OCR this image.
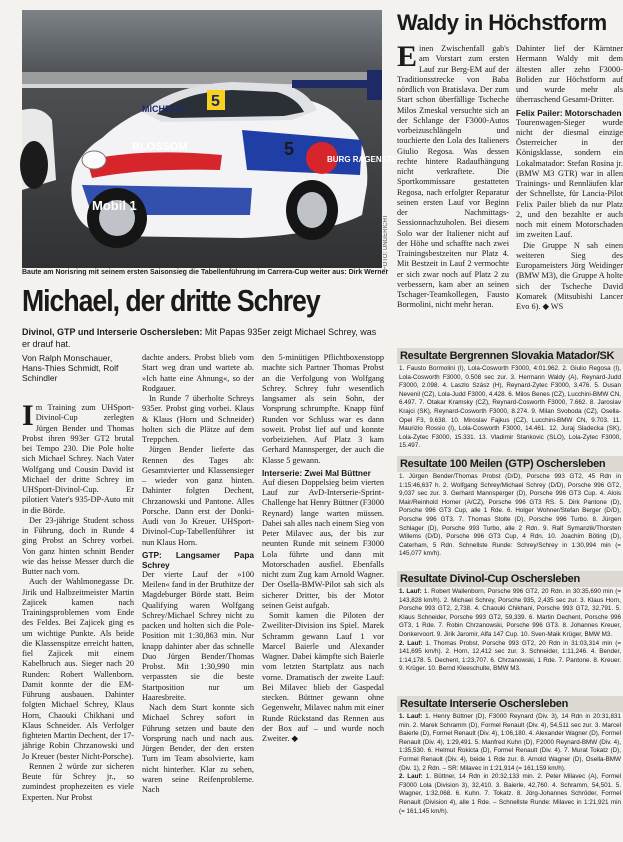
MICHELIN
BLOSSOM
Mobil 1
BURG RAGENSTE
5
5
FOTO: UNGERICHT
Baute am Norisring mit seinem ersten Saisonsieg die Tabellenführung im Carrera-Cup weiter aus: Dirk Werner
Michael, der dritte Schrey
Divinol, GTP und Interserie Oschersleben: Mit Papas 935er zeigt Michael Schrey, was er drauf hat.
Von Ralph Monschauer, Hans-Thies Schmidt, Rolf Schindler

Im Training zum UHSport-Divinol-Cup zerlegten Jürgen Bender und Thomas Probst ihren 993er GT2 brutal bei Tempo 230. Die Pole holte sich Michael Schrey. Nach Vater Wolfgang und Cousin David ist Michael der dritte Schrey im UHSport-Divinol-Cup. Er pilotiert Vater's 935-DP-Auto mit in die Börde.

Der 23-jährige Student schoss in Führung, doch in Runde 4 ging Probst an Schrey vorbei. Von ganz hinten schnitt Bender wie das heisse Messer durch die Butter nach vorn.

Auch der Wahlmonegasse Dr. Jirik und Halbzeitmeister Martin Zajicek kamen nach Trainingsproblemen vom Ende des Feldes. Bei Zajicek ging es um wichtige Punkte. Als beide die Klassenspitze erreicht hatten, fiel Zajicek mit einem Kabelbruch aus. Sieger nach 20 Runden: Robert Wallenborn. Damit konnte der die EM-Führung ausbauen. Dahinter folgten Michael Schrey, Klaus Horn, Chaouki Chikhani und Klaus Schneider. Als Verfolger fighteten Martin Dechent, der 17-jährige Robin Chrzanowski und Jo Kreuer (bester Nicht-Porsche).

Rennen 2 würde zur sicheren Beute für Schrey jr., so zumindest prophezeiten es viele Experten. Nur Probst

dachte anders. Probst blieb vom Start weg dran und wartete ab. »Ich hatte eine Ahnung«, so der Rodgauer.

In Runde 7 überholte Schreys 935er. Probst ging vorbei. Klaus & Klaus (Horn und Schneider) holten sich die Plätze auf dem Treppchen.

Jürgen Bender lieferte das Rennen des Tages ab: Gesamtvierter und Klassensieger – wieder von ganz hinten. Dahinter folgten Dechent, Chrzanowski und Pantone. Alles Porsche. Dann erst der Donki-Audi von Jo Kreuer. UHSport-Divinol-Cup-Tabellenführer ist nun Klaus Horn.

GTP: Langsamer Papa Schrey

Der vierte Lauf der »100 Meilen« fand in der Bruthitze der Magdeburger Börde statt. Beim Qualifying waren Wolfgang Schrey/Michael Schrey nicht zu packen und holten sich die Pole-Position mit 1:30,863 min. Nur knapp dahinter aber das schnelle Duo Jürgen Bender/Thomas Probst. Mit 1:30,990 min verpassten sie die beste Startposition nur um Haaresbreite.

Nach dem Start konnte sich Michael Schrey sofort in Führung setzen und baute den Vorsprung nach und nach aus. Jürgen Bender, der den ersten Turn im Team absolvierte, kam nicht hinterher. Klar zu sehen, waren seine Reifenprobleme. Nach

den 5-minütigen Pflichtboxenstopp machte sich Partner Thomas Probst an die Verfolgung von Wolfgang Schrey. Schrey fuhr wesentlich langsamer als sein Sohn, der Vorsprung schrumpfte. Knapp fünf Runden vor Schluss war es dann soweit. Probst lief auf und konnte vorbeiziehen. Auf Platz 3 kam Gerhard Mannsperger, der auch die Klasse 5 gewann.

Interserie: Zwei Mal Büttner

Auf diesen Doppelsieg beim vierten Lauf zur AvD-Interserie-Sprint-Challenge hat Henry Büttner (F3000 Reynard) lange warten müssen. Dabei sah alles nach einem Sieg von Peter Milavec aus, der bis zur neunten Runde mit seinem F3000 Lola führte und dann mit Motorschaden ausfiel. Ebenfalls nicht zum Zug kam Arnold Wagner. Der Osella-BMW-Pilot sah sich als sicherer Dritter, bis der Motor seinen Geist aufgab.

Somit kamen die Piloten der Zweiliter-Division ins Spiel. Marek Schramm gewann Lauf 1 vor Marcel Baierle und Alexander Wagner. Dabei kämpfte sich Baierle vom letzten Startplatz aus nach vorne. Dramatisch der zweite Lauf: Bei Milavec blieb der Gaspedal stecken. Büttner gewann ohne Gegenwehr, Milavec nahm mit einer Runde Rückstand das Rennen aus der Box auf – und wurde noch Zweiter. ◆

Waldy in Höchstform

Einen Zwischenfall gab's am Vorstart zum ersten Lauf zur Berg-EM auf der Traditionsstrecke von Baba nördlich von Bratislava. Der zum Start schon überfällige Tscheche Milos Zmeskal versuchte sich an der Schlange der F3000-Autos vorbeizuschlängeln und touchierte den Lola des Italieners Giulio Regosa. Was dessen rechte hintere Radaufhängung nicht verkraftete. Die Sportkommissare gestatteten Regosa, nach erfolgter Reparatur seinen ersten Lauf vor Beginn der Nachmittags-Sessionnachzuholen. Bei diesem Solo war der Italiener nicht auf der Höhe und schaffte nach zwei Trainingsbestzeiten nur Platz 4. Mit Bestzeit in Lauf 2 vermochte er sich zwar noch auf Platz 2 zu verbessern, kam aber an seinen Tschager-Teamkollegen, Fausto Bormolini, nicht mehr heran.

Dahinter lief der Kärntner Hermann Waldy mit dem ältesten aller zehn F3000-Boliden zur Höchstform auf und wurde mehr als überraschend Gesamt-Dritter.

Felix Pailer: Motorschaden

Tourenwagen-Sieger wurde nicht der diesmal einzige Österreicher in der Königsklasse, sondern ein Lokalmatador: Stefan Rosina jr. (BMW M3 GTR) war in allen Trainings- und Rennläufen klar der Schnellste, für Lancia-Pilot Felix Pailer blieb da nur Platz 2, und den bezahlte er auch noch mit einem Motorschaden im zweiten Lauf.

Die Gruppe N sah einen weiteren Sieg des Europameisters Jörg Weidinger (BMW M3), die Gruppe A holte sich der Tscheche David Komarek (Mitsubishi Lancer Evo 6). ◆ WS

Resultate Bergrennen Slovakia Matador/SK
1. Fausto Bormolini (I), Lola-Cosworth F3000, 4:01.962. 2. Giulio Regosa (I), Lola-Cosworth F3000, 0.508 sec zur. 3. Hermann Waldy (A), Reynard-Judd F3000, 2.098. 4. Laszlo Szász (H), Reynard-Zytec F3000, 3.476. 5. Dusan Nevenil (CZ), Lola-Judd F3000, 4.428. 6. Milos Benes (CZ), Lucchini-BMW CN, 6.497. 7. Otakar Kramsky (CZ), Reynard-Cosworth F3000, 7.662. 8. Jaroslav Krajci (SK), Reynard-Cosworth F3000, 8.274. 9. Milan Svoboda (CZ), Osella-Opel F3, 9.638. 10. Miroslav Fajkus (CZ), Lucchini-BMW CN, 9.703. 11. Maurizio Rossio (I), Lola-Cosworth F3000, 14.461. 12. Juraj Sladecka (SK), Lola-Zytec F3000, 15.331. 13. Vladimir Stankovic (SLO), Lola-Zytec F3000, 15.497.
Resultate 100 Meilen (GTP) Oschersleben
1. Jürgen Bender/Thomas Probst (D/D), Porsche 993 GT2, 45 Rdn in 1:15:46,637 h. 2. Wolfgang Schrey/Michael Schrey (D/D), Porsche 996 GT2, 9,037 sec zur. 3. Gerhard Mannsperger (D), Porsche 996 GT3 Cup. 4. Alois Mair/Reinhold Horner (A/CZ), Porsche 996 GT3 RS. 5. Dirk Pantone (D), Porsche 996 GT3 Cup, alle 1 Rde. 6. Holger Wohner/Stefan Berger (D/D), Porsche 996 GT3. 7. Thomas Stolte (D), Porsche 996 Turbo. 8. Jürgen Schlager (D), Porsche 993 Turbo, alle 2 Rdn. 9. Ralf Symanzik/Thorsten Willems (D/D), Porsche 996 GT3 Cup, 4 Rdn. 10. Joachim Böting (D), Caterham, 5 Rdn. Schnellste Runde: Schrey/Schrey in 1:30,994 min (= 145,077 km/h).
Resultate Divinol-Cup Oschersleben
1. Lauf: 1. Robert Wallenborn, Porsche 996 GT2, 20 Rdn. in 30:35,690 min (= 143,828 km/h). 2. Michael Schrey, Porsche 935, 2,435 sec zur. 3. Klaus Horn, Porsche 993 GT2, 2,738. 4. Chaouki Chikhani, Porsche 993 GT2, 32,791. 5. Klaus Schneider, Porsche 993 GT2, 59,339. 6. Martin Dechent, Porsche 996 GT3, 1 Rde. 7. Robin Chrzanowski, Porsche 996 GT3. 8. Johannes Kreuer, Donkervoort. 9. Jirik Jaromir, Alfa 147 Cup. 10. Sven-Maik Krüger, BMW M3.
2. Lauf: 1. Thomas Probst, Porsche 993 GT2, 20 Rdn in 31:03,314 min (= 141,695 km/h). 2. Horn, 12,412 sec zur. 3. Schneider, 1:11,246. 4. Bender, 1:14,178. 5. Dechent, 1:23,707. 6. Chrzanowski, 1 Rde. 7. Pantone. 8. Kreuer. 9. Krüger. 10. Bernd Kleeschulte, BMW M3.
Resultate Interserie Oschersleben
1. Lauf: 1. Henry Büttner (D), F3000 Reynard (Div. 3), 14 Rdn in 20:31,831 min. 2. Marek Schramm (D), Formel Renault (Div. 4), 54,511 sec zur. 3. Marcel Baierle (D), Formel Renault (Div. 4), 1:06,180. 4. Alexander Wagner (D), Formel Renault (Div. 4), 1:29,491. 5. Manfred Kuhn (D), F2000 Reynard-BMW (Div. 4), 1:35,530. 6. Helmut Rokicta (D), Formel Renault (Div. 4). 7. Murat Tokatz (D), Formel Renault (Div. 4), beide 1 Rde zur. 8. Arnold Wagner (D), Osella-BMW (Div. 1), 2 Rdn. – SR: Milavec in 1:21,914 (= 161,159 km/h).
2. Lauf: 1. Büttner, 14 Rdn in 20:32,133 min. 2. Peter Milavec (A), Formel F3000 Lola (Division 3), 32,410. 3. Baierle, 42,760. 4. Schramm, 54,501. 5. Wagner, 1:32,068. 6. Kuhn. 7. Tokatz. 8. Jörg-Johannes Schröder, Formel Renault (Division 4), alle 1 Rde. – Schnellste Runde: Milavec in 1:21,921 min (= 161,145 km/h).
